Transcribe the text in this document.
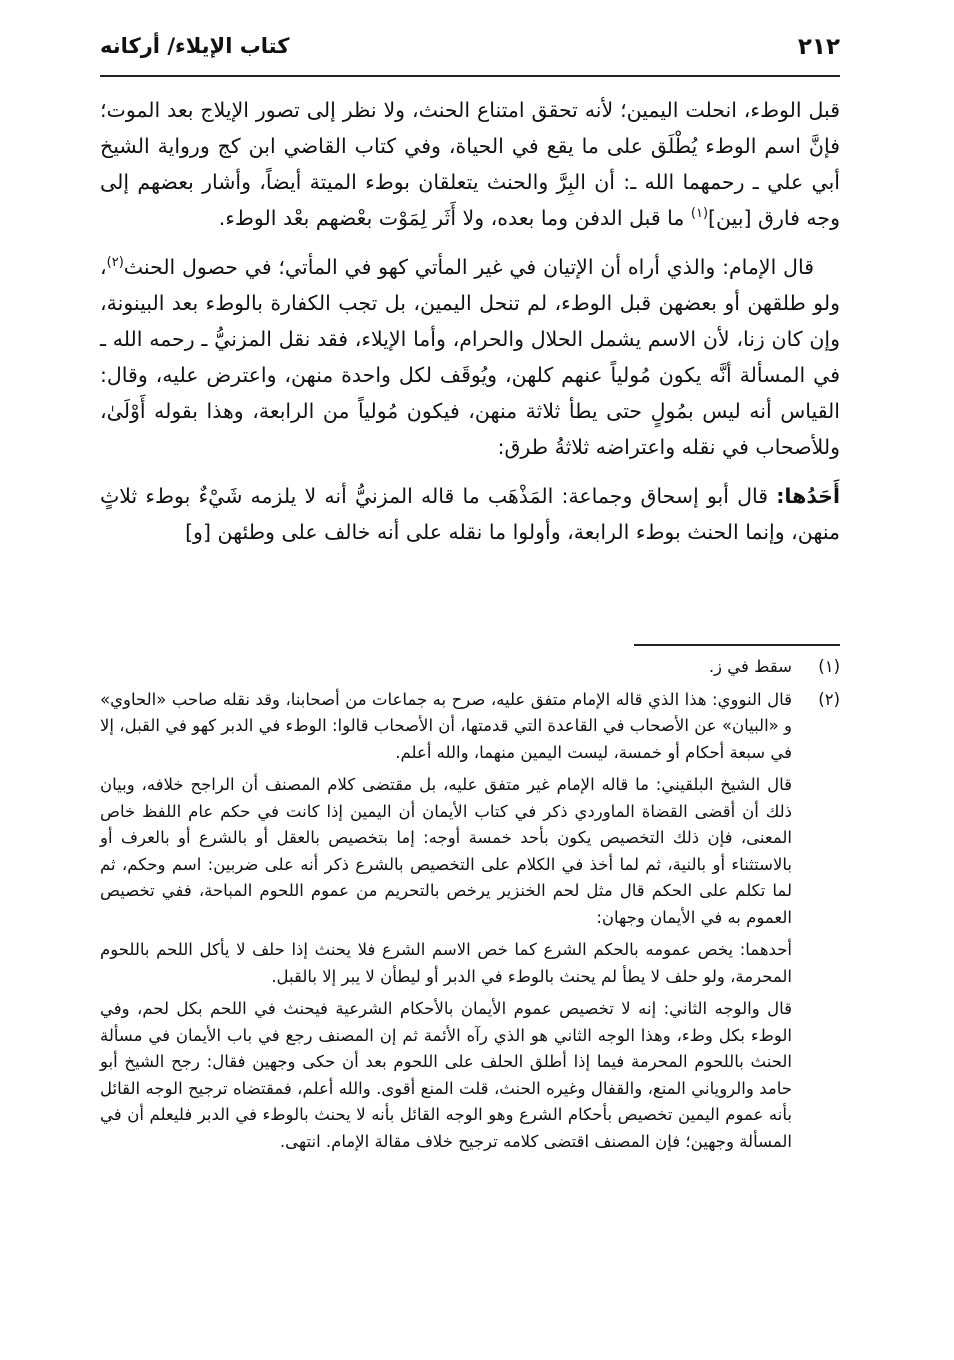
٢١٢
كتاب الإيلاء/ أركانه

قبل الوطء، انحلت اليمين؛ لأنه تحقق امتناع الحنث، ولا نظر إلى تصور الإيلاج بعد الموت؛ فإنَّ اسم الوطء يُطْلَق على ما يقع في الحياة، وفي كتاب القاضي ابن كج ورواية الشيخ أبي علي ـ رحمهما الله ـ: أن البِرَّ والحنث يتعلقان بوطء الميتة أيضاً، وأشار بعضهم إلى وجه فارق [بين]$^{(١)}$ ما قبل الدفن وما بعده، ولا أَثَر لِمَوْت بعْضهم بعْد الوطء.

قال الإمام: والذي أراه أن الإتيان في غير المأتي كهو في المأتي؛ في حصول الحنث$^{(٢)}$، ولو طلقهن أو بعضهن قبل الوطء، لم تنحل اليمين، بل تجب الكفارة بالوطء بعد البينونة، وإن كان زنا، لأن الاسم يشمل الحلال والحرام، وأما الإيلاء، فقد نقل المزنيُّ ـ رحمه الله ـ في المسألة أنَّه يكون مُولياً عنهم كلهن، ويُوقَف لكل واحدة منهن، واعترض عليه، وقال: القياس أنه ليس بمُولٍ حتى يطأ ثلاثة منهن، فيكون مُولياً من الرابعة، وهذا بقوله أَوْلَىٰ، وللأصحاب في نقله واعتراضه ثلاثةُ طرق:

أَحَدُها: قال أبو إسحاق وجماعة: المَذْهَب ما قاله المزنيُّ أنه لا يلزمه شَيْءٌ بوطء ثلاثٍ منهن، وإنما الحنث بوطء الرابعة، وأولوا ما نقله على أنه خالف على وطئهن [و]

(١)
سقط في ز.
(٢)
قال النووي: هذا الذي قاله الإمام متفق عليه، صرح به جماعات من أصحابنا، وقد نقله صاحب «الحاوي» و «البيان» عن الأصحاب في القاعدة التي قدمتها، أن الأصحاب قالوا: الوطء في الدبر كهو في القبل، إلا في سبعة أحكام أو خمسة، ليست اليمين منهما، والله أعلم.
قال الشيخ البلقيني: ما قاله الإمام غير متفق عليه، بل مقتضى كلام المصنف أن الراجح خلافه، وبيان ذلك أن أقضى القضاة الماوردي ذكر في كتاب الأيمان أن اليمين إذا كانت في حكم عام اللفظ خاص المعنى، فإن ذلك التخصيص يكون بأحد خمسة أوجه: إما بتخصيص بالعقل أو بالشرع أو بالعرف أو بالاستثناء أو بالنية، ثم لما أخذ في الكلام على التخصيص بالشرع ذكر أنه على ضربين: اسم وحكم، ثم لما تكلم على الحكم قال مثل لحم الخنزير يرخص بالتحريم من عموم اللحوم المباحة، ففي تخصيص العموم به في الأيمان وجهان:
أحدهما: يخص عمومه بالحكم الشرع كما خص الاسم الشرع فلا يحنث إذا حلف لا يأكل اللحم باللحوم المحرمة، ولو حلف لا يطأ لم يحنث بالوطء في الدبر أو ليطأن لا يبر إلا بالقبل.
قال والوجه الثاني: إنه لا تخصيص عموم الأيمان بالأحكام الشرعية فيحنث في اللحم بكل لحم، وفي الوطء بكل وطء، وهذا الوجه الثاني هو الذي رآه الأئمة ثم إن المصنف رجع في باب الأيمان في مسألة الحنث باللحوم المحرمة فيما إذا أطلق الحلف على اللحوم بعد أن حكى وجهين فقال: رجح الشيخ أبو حامد والروياني المنع، والقفال وغيره الحنث، قلت المنع أقوى. والله أعلم، فمقتضاه ترجيح الوجه القائل بأنه عموم اليمين تخصيص بأحكام الشرع وهو الوجه القائل بأنه لا يحنث بالوطء في الدبر فليعلم أن في المسألة وجهين؛ فإن المصنف اقتضى كلامه ترجيح خلاف مقالة الإمام. انتهى.
